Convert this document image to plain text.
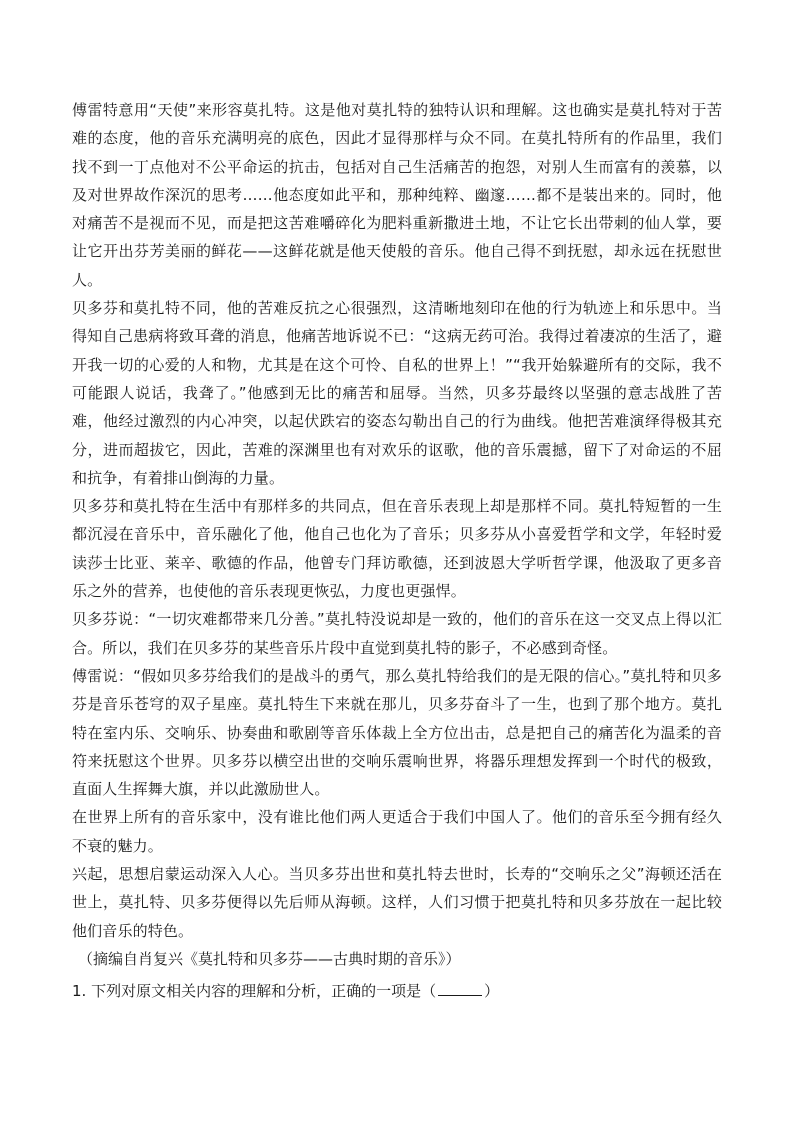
傅雷特意用“天使”来形容莫扎特。这是他对莫扎特的独特认识和理解。这也确实是莫扎特对于苦难的态度，他的音乐充满明亮的底色，因此才显得那样与众不同。在莫扎特所有的作品里，我们找不到一丁点他对不公平命运的抗击，包括对自己生活痛苦的抱怨，对别人生而富有的羡慕，以及对世界故作深沉的思考……他态度如此平和，那种纯粹、幽邃……都不是装出来的。同时，他对痛苦不是视而不见，而是把这苦难嚼碎化为肥料重新撒进土地，不让它长出带刺的仙人掌，要让它开出芬芳美丽的鲜花——这鲜花就是他天使般的音乐。他自己得不到抚慰，却永远在抚慰世人。

贝多芬和莫扎特不同，他的苦难反抗之心很强烈，这清晰地刻印在他的行为轨迹上和乐思中。当得知自己患病将致耳聋的消息，他痛苦地诉说不已：“这病无药可治。我得过着凄凉的生活了，避开我一切的心爱的人和物，尤其是在这个可怜、自私的世界上！”“我开始躲避所有的交际，我不可能跟人说话，我聋了。”他感到无比的痛苦和屈辱。当然，贝多芬最终以坚强的意志战胜了苦难，他经过激烈的内心冲突，以起伏跌宕的姿态勾勒出自己的行为曲线。他把苦难演绎得极其充分，进而超拔它，因此，苦难的深渊里也有对欢乐的讴歌，他的音乐震撼，留下了对命运的不屈和抗争，有着排山倒海的力量。

贝多芬和莫扎特在生活中有那样多的共同点，但在音乐表现上却是那样不同。莫扎特短暂的一生都沉浸在音乐中，音乐融化了他，他自己也化为了音乐；贝多芬从小喜爱哲学和文学，年轻时爱读莎士比亚、莱辛、歌德的作品，他曾专门拜访歌德，还到波恩大学听哲学课，他汲取了更多音乐之外的营养，也使他的音乐表现更恢弘，力度也更强悍。

贝多芬说：“一切灾难都带来几分善。”莫扎特没说却是一致的，他们的音乐在这一交叉点上得以汇合。所以，我们在贝多芬的某些音乐片段中直觉到莫扎特的影子，不必感到奇怪。

傅雷说：“假如贝多芬给我们的是战斗的勇气，那么莫扎特给我们的是无限的信心。”莫扎特和贝多芬是音乐苍穹的双子星座。莫扎特生下来就在那儿，贝多芬奋斗了一生，也到了那个地方。莫扎特在室内乐、交响乐、协奏曲和歌剧等音乐体裁上全方位出击，总是把自己的痛苦化为温柔的音符来抚慰这个世界。贝多芬以横空出世的交响乐震响世界，将器乐理想发挥到一个时代的极致，直面人生挥舞大旗，并以此激励世人。

在世界上所有的音乐家中，没有谁比他们两人更适合于我们中国人了。他们的音乐至今拥有经久不衰的魅力。

兴起，思想启蒙运动深入人心。当贝多芬出世和莫扎特去世时，长寿的“交响乐之父”海顿还活在世上，莫扎特、贝多芬便得以先后师从海顿。这样，人们习惯于把莫扎特和贝多芬放在一起比较他们音乐的特色。

（摘编自肖复兴《莫扎特和贝多芬——古典时期的音乐》）

1. 下列对原文相关内容的理解和分析，正确的一项是（	）
